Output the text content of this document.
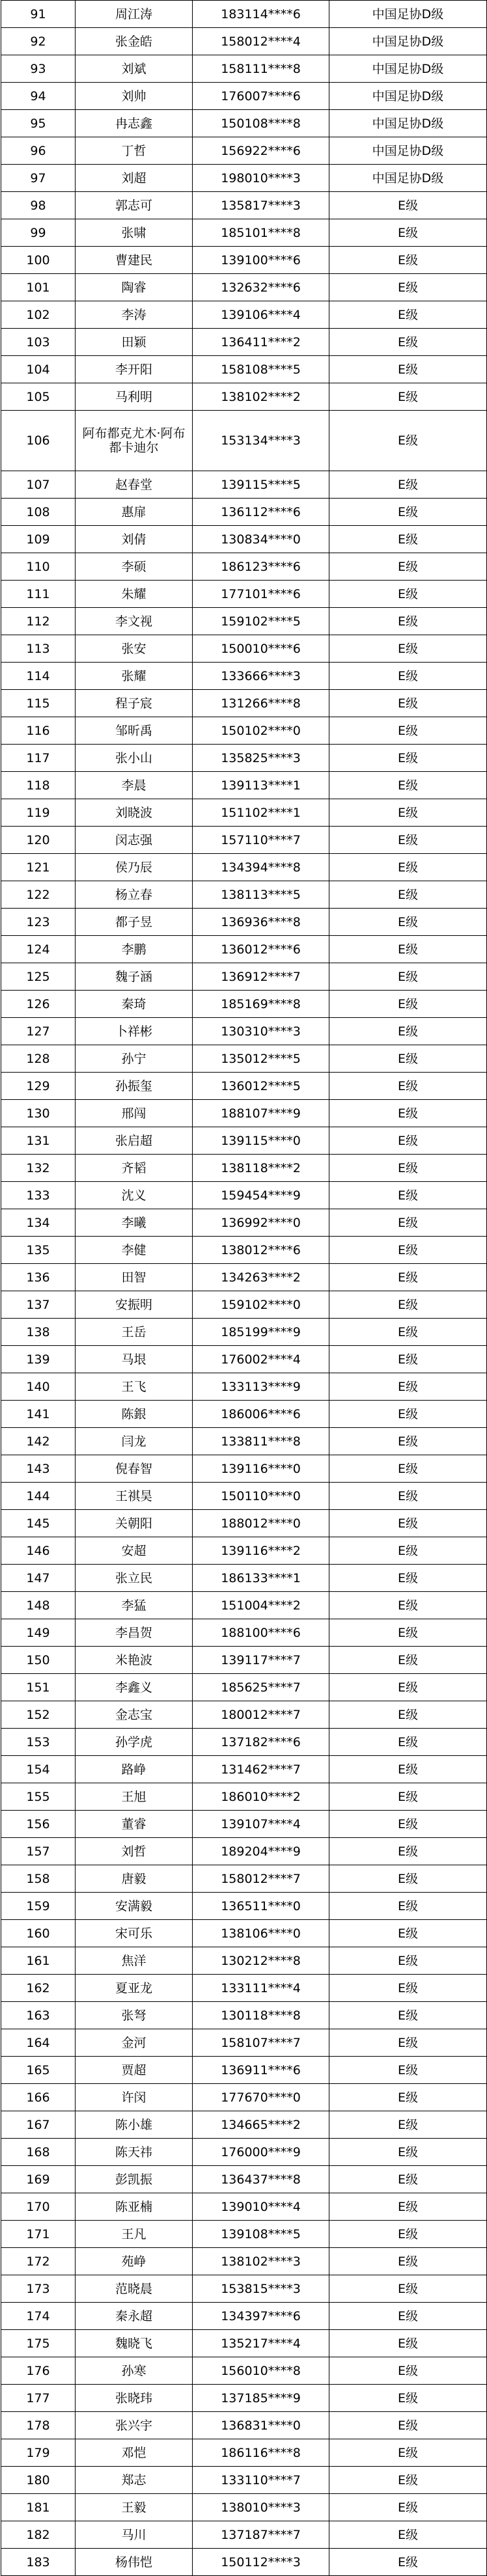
91	周江涛	183114****6	中国足协D级
92	张金皓	158012****4	中国足协D级
93	刘斌	158111****8	中国足协D级
94	刘帅	176007****6	中国足协D级
95	冉志鑫	150108****8	中国足协D级
96	丁哲	156922****6	中国足协D级
97	刘超	198010****3	中国足协D级
98	郭志可	135817****3	E级
99	张啸	185101****8	E级
100	曹建民	139100****6	E级
101	陶睿	132632****6	E级
102	李涛	139106****4	E级
103	田颖	136411****2	E级
104	李开阳	158108****5	E级
105	马利明	138102****2	E级
106	阿布都克尤木·阿布都卡迪尔	153134****3	E级
107	赵春堂	139115****5	E级
108	惠扉	136112****6	E级
109	刘倩	130834****0	E级
110	李硕	186123****6	E级
111	朱耀	177101****6	E级
112	李文视	159102****5	E级
113	张安	150010****6	E级
114	张耀	133666****3	E级
115	程子宸	131266****8	E级
116	邹昕禹	150102****0	E级
117	张小山	135825****3	E级
118	李晨	139113****1	E级
119	刘晓波	151102****1	E级
120	闵志强	157110****7	E级
121	侯乃辰	134394****8	E级
122	杨立春	138113****5	E级
123	都子昱	136936****8	E级
124	李鹏	136012****6	E级
125	魏子涵	136912****7	E级
126	秦琦	185169****8	E级
127	卜祥彬	130310****3	E级
128	孙宁	135012****5	E级
129	孙振玺	136012****5	E级
130	邢闯	188107****9	E级
131	张启超	139115****0	E级
132	齐韬	138118****2	E级
133	沈义	159454****9	E级
134	李曦	136992****0	E级
135	李健	138012****6	E级
136	田智	134263****2	E级
137	安振明	159102****0	E级
138	王岳	185199****9	E级
139	马垠	176002****4	E级
140	王飞	133113****9	E级
141	陈銀	186006****6	E级
142	闫龙	133811****8	E级
143	倪春智	139116****0	E级
144	王祺昊	150110****0	E级
145	关朝阳	188012****0	E级
146	安超	139116****2	E级
147	张立民	186133****1	E级
148	李猛	151004****2	E级
149	李昌贺	188100****6	E级
150	米艳波	139117****7	E级
151	李鑫义	185625****7	E级
152	金志宝	180012****7	E级
153	孙学虎	137182****6	E级
154	路峥	131462****7	E级
155	王旭	186010****2	E级
156	董睿	139107****4	E级
157	刘哲	189204****9	E级
158	唐毅	158012****7	E级
159	安满毅	136511****0	E级
160	宋可乐	138106****0	E级
161	焦洋	130212****8	E级
162	夏亚龙	133111****4	E级
163	张弩	130118****8	E级
164	金河	158107****7	E级
165	贾超	136911****6	E级
166	许闵	177670****0	E级
167	陈小雄	134665****2	E级
168	陈天祎	176000****9	E级
169	彭凯振	136437****8	E级
170	陈亚楠	139010****4	E级
171	王凡	139108****5	E级
172	苑峥	138102****3	E级
173	范晓晨	153815****3	E级
174	秦永超	134397****6	E级
175	魏晓飞	135217****4	E级
176	孙寒	156010****8	E级
177	张晓玮	137185****9	E级
178	张兴宇	136831****0	E级
179	邓恺	186116****8	E级
180	郑志	133110****7	E级
181	王毅	138010****3	E级
182	马川	137187****7	E级
183	杨伟恺	150112****3	E级
